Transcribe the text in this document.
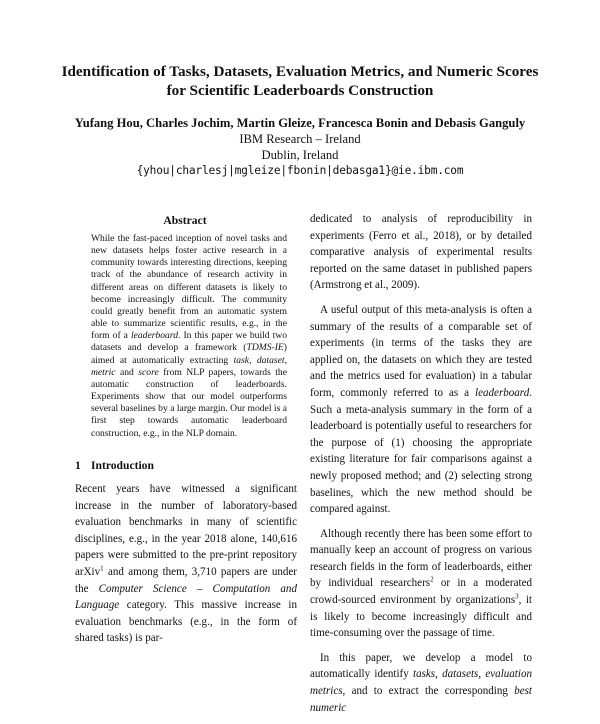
Identification of Tasks, Datasets, Evaluation Metrics, and Numeric Scores for Scientific Leaderboards Construction
Yufang Hou, Charles Jochim, Martin Gleize, Francesca Bonin and Debasis Ganguly
IBM Research – Ireland
Dublin, Ireland
{yhou|charlesj|mgleize|fbonin|debasga1}@ie.ibm.com
Abstract

While the fast-paced inception of novel tasks and new datasets helps foster active research in a community towards interesting directions, keeping track of the abundance of research activity in different areas on different datasets is likely to become increasingly difficult. The community could greatly benefit from an automatic system able to summarize scientific results, e.g., in the form of a leaderboard. In this paper we build two datasets and develop a framework (TDMS-IE) aimed at automatically extracting task, dataset, metric and score from NLP papers, towards the automatic construction of leaderboards. Experiments show that our model outperforms several baselines by a large margin. Our model is a first step towards automatic leaderboard construction, e.g., in the NLP domain.

1 Introduction

Recent years have witnessed a significant increase in the number of laboratory-based evaluation benchmarks in many of scientific disciplines, e.g., in the year 2018 alone, 140,616 papers were submitted to the pre-print repository arXiv$^1$ and among them, 3,710 papers are under the Computer Science – Computation and Language category. This massive increase in evaluation benchmarks (e.g., in the form of shared tasks) is par-

dedicated to analysis of reproducibility in experiments (Ferro et al., 2018), or by detailed comparative analysis of experimental results reported on the same dataset in published papers (Armstrong et al., 2009).

A useful output of this meta-analysis is often a summary of the results of a comparable set of experiments (in terms of the tasks they are applied on, the datasets on which they are tested and the metrics used for evaluation) in a tabular form, commonly referred to as a leaderboard. Such a meta-analysis summary in the form of a leaderboard is potentially useful to researchers for the purpose of (1) choosing the appropriate existing literature for fair comparisons against a newly proposed method; and (2) selecting strong baselines, which the new method should be compared against.

Although recently there has been some effort to manually keep an account of progress on various research fields in the form of leaderboards, either by individual researchers$^2$ or in a moderated crowd-sourced environment by organizations$^3$, it is likely to become increasingly difficult and time-consuming over the passage of time.

In this paper, we develop a model to automatically identify tasks, datasets, evaluation metrics, and to extract the corresponding best numeric
